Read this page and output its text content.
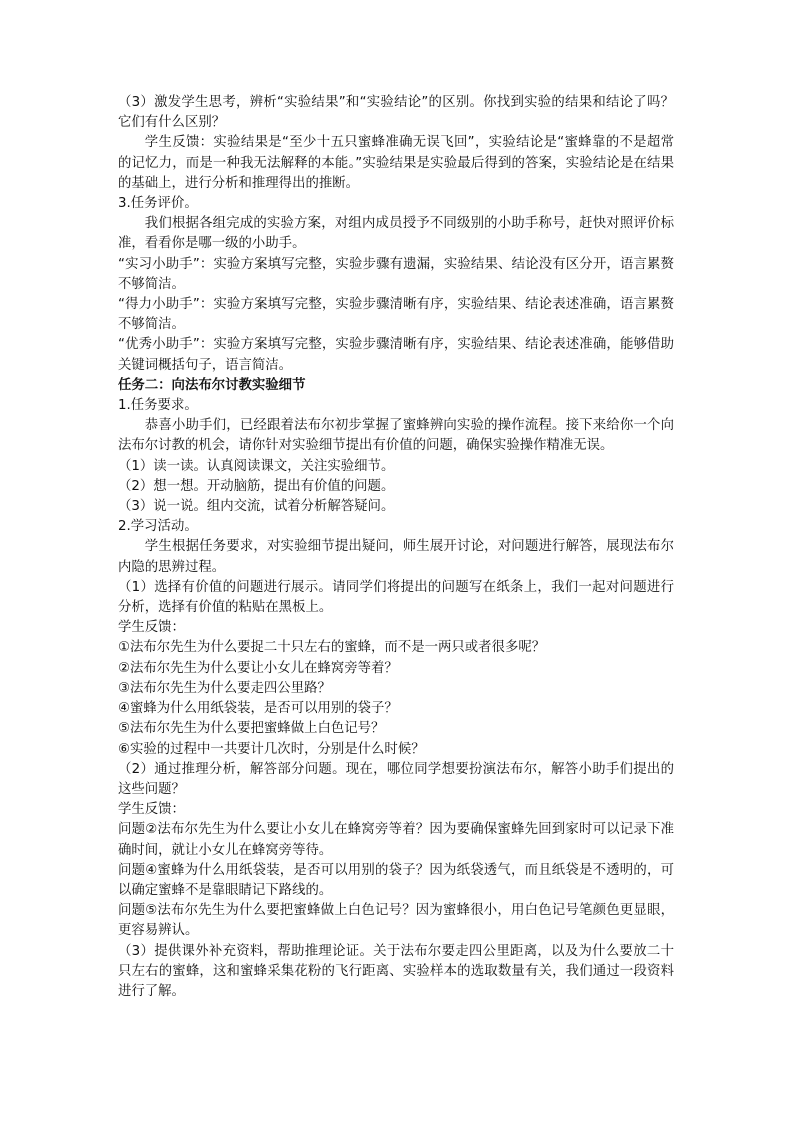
（3）激发学生思考，辨析“实验结果”和“实验结论”的区别。你找到实验的结果和结论了吗？它们有什么区别？

学生反馈：实验结果是“至少十五只蜜蜂准确无误飞回”，实验结论是“蜜蜂靠的不是超常的记忆力，而是一种我无法解释的本能。”实验结果是实验最后得到的答案，实验结论是在结果的基础上，进行分析和推理得出的推断。

3.任务评价。

我们根据各组完成的实验方案，对组内成员授予不同级别的小助手称号，赶快对照评价标准，看看你是哪一级的小助手。

“实习小助手”：实验方案填写完整，实验步骤有遗漏，实验结果、结论没有区分开，语言累赘不够简洁。

“得力小助手”：实验方案填写完整，实验步骤清晰有序，实验结果、结论表述准确，语言累赘不够简洁。

“优秀小助手”：实验方案填写完整，实验步骤清晰有序，实验结果、结论表述准确，能够借助关键词概括句子，语言简洁。

任务二：向法布尔讨教实验细节

1.任务要求。

恭喜小助手们，已经跟着法布尔初步掌握了蜜蜂辨向实验的操作流程。接下来给你一个向法布尔讨教的机会，请你针对实验细节提出有价值的问题，确保实验操作精准无误。

（1）读一读。认真阅读课文，关注实验细节。

（2）想一想。开动脑筋，提出有价值的问题。

（3）说一说。组内交流，试着分析解答疑问。

2.学习活动。

学生根据任务要求，对实验细节提出疑问，师生展开讨论，对问题进行解答，展现法布尔内隐的思辨过程。

（1）选择有价值的问题进行展示。请同学们将提出的问题写在纸条上，我们一起对问题进行分析，选择有价值的粘贴在黑板上。

学生反馈：

①法布尔先生为什么要捉二十只左右的蜜蜂，而不是一两只或者很多呢？

②法布尔先生为什么要让小女儿在蜂窝旁等着？

③法布尔先生为什么要走四公里路？

④蜜蜂为什么用纸袋装，是否可以用别的袋子？

⑤法布尔先生为什么要把蜜蜂做上白色记号？

⑥实验的过程中一共要计几次时，分别是什么时候？

（2）通过推理分析，解答部分问题。现在，哪位同学想要扮演法布尔，解答小助手们提出的这些问题？

学生反馈：

问题②法布尔先生为什么要让小女儿在蜂窝旁等着？因为要确保蜜蜂先回到家时可以记录下准确时间，就让小女儿在蜂窝旁等待。

问题④蜜蜂为什么用纸袋装，是否可以用别的袋子？因为纸袋透气，而且纸袋是不透明的，可以确定蜜蜂不是靠眼睛记下路线的。

问题⑤法布尔先生为什么要把蜜蜂做上白色记号？因为蜜蜂很小，用白色记号笔颜色更显眼，更容易辨认。

（3）提供课外补充资料，帮助推理论证。关于法布尔要走四公里距离，以及为什么要放二十只左右的蜜蜂，这和蜜蜂采集花粉的飞行距离、实验样本的选取数量有关，我们通过一段资料进行了解。
